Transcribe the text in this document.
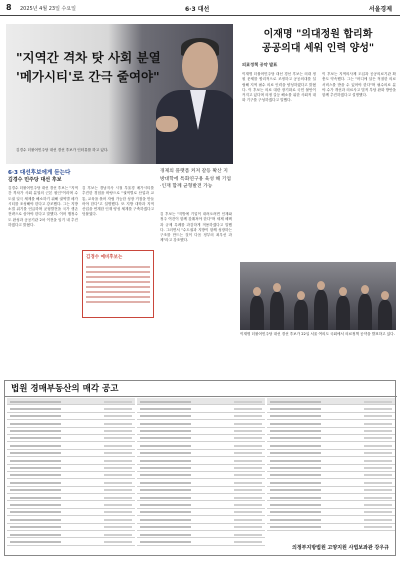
8 2025년 4월 23일 수요일	6·3 대선	서울경제
"지역간 격차 탓 사회 분열
'메가시티'로 간극 줄여야"
김경수 더불어민주당 대선 경선 후보가 인터뷰를 하고 있다.
6·3 대선후보에게 듣는다
김경수 민주당 대선 후보
김경수 더불어민주당 대선 경선 후보는 "지역 간 격차가 사회 분열의 근본 원인"이라며 수도권 일극 체제를 해소하기 위해 권역별 메가시티를 조성해야 한다고 강조했다. 그는 지방 소멸 위기를 언급하며 균형발전을 국가 생존 전략으로 삼아야 한다고 말했다. 이어 행정수도 완성과 공공기관 2차 이전을 임기 내 추진하겠다고 밝혔다.
김 후보는 경남지사 시절 부울경 메가시티를 추진한 경험을 바탕으로 "권역별로 산업과 교통, 교육을 묶어 자립 가능한 성장 거점을 만들어야 한다"고 설명했다. 또 지방 대학과 지역 산업을 연계한 인재 양성 체계를 구축하겠다고 덧붙였다.
김경수 예비후보는
경제의 플랫폼 커져 갈등 확산 지방대학에 특화연구용 육성 해 기업·인재 함께 균형발전 가능
김 후보는 "지방에 기업이 내려오려면 인재와 정주 여건이 함께 갖춰져야 한다"며 세제 혜택과 규제 특례를 과감하게 적용하겠다고 말했다. 그러면서 "수도권과 지방이 함께 성장하는 구조를 만드는 것이 다음 정부의 최우선 과제"라고 강조했다.
이재명 "의대정원 합리화
공공의대 세워 인력 양성"
의료정책 공약 발표
이재명 더불어민주당 대선 경선 후보는 의대 정원 문제를 합리적으로 조정하고 공공의대를 설립해 지역 필수 의료 인력을 양성하겠다고 밝혔다. 이 후보는 의료 대란 장기화로 국민 불안이 커지고 있다며 의정 갈등 해소를 위한 사회적 대화 기구를 구성하겠다고 말했다.
이 후보는 지역의사제 도입과 공공의료기관 확충도 약속했다. 그는 "어디에 살든 적절한 의료 서비스를 받을 수 있어야 한다"며 필수의료 분야 수가 개선과 의료사고 법적 부담 완화 방안을 함께 추진하겠다고 설명했다.
이재명 더불어민주당 대선 경선 후보가 22일 서울 여의도 국회에서 의료정책 공약을 발표하고 있다.
법원 경매부동산의 매각 공고
의정부지방법원 고양지원 사법보좌관 강우규
